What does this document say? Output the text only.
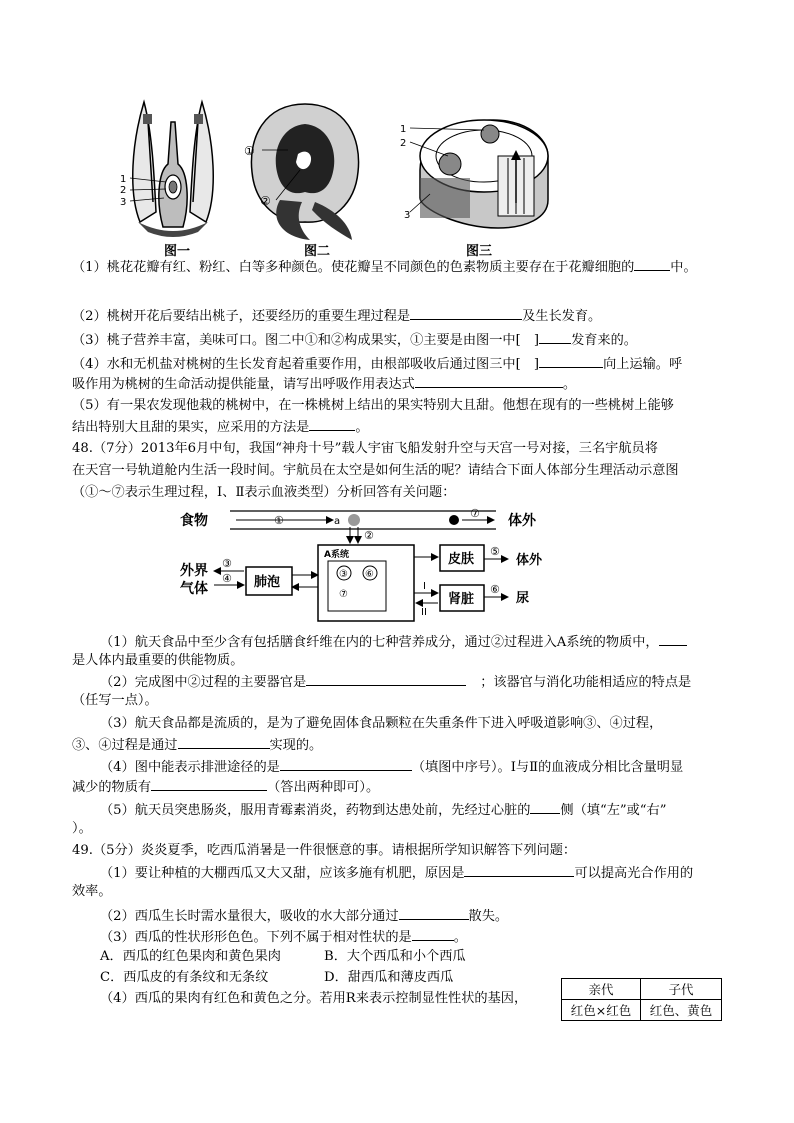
1
2
3
图一
①
②
图二
1
2
3
图三
（1）桃花花瓣有红、粉红、白等多种颜色。使花瓣呈不同颜色的色素物质主要存在于花瓣细胞的	中。
（2）桃树开花后要结出桃子，还要经历的重要生理过程是	及生长发育。
（3）桃子营养丰富，美味可口。图二中①和②构成果实，①主要是由图一中[　] 发育来的。
（4）水和无机盐对桃树的生长发育起着重要作用，由根部吸收后通过图三中[　]	向上运输。呼
吸作用为桃树的生命活动提供能量，请写出呼吸作用表达式	。
（5）有一果农发现他栽的桃树中，在一株桃树上结出的果实特别大且甜。他想在现有的一些桃树上能够
结出特别大且甜的果实，应采用的方法是	。
48.（7分）2013年6月中旬，我国“神舟十号”载人宇宙飞船发射升空与天宫一号对接，三名宇航员将
在天宫一号轨道舱内生活一段时间。宇航员在太空是如何生活的呢？请结合下面人体部分生理活动示意图
（①～⑦表示生理过程，Ⅰ、Ⅱ表示血液类型）分析回答有关问题：
食物	①	a
⑦ 体外
②
A系统
③ ⑥
⑦
外界
气体
③
④ 肺泡
皮肤
⑤
体外
I
II
肾脏
⑥
尿
（1）航天食品中至少含有包括膳食纤维在内的七种营养成分，通过②过程进入A系统的物质中，
是人体内最重要的供能物质。
（2）完成图中②过程的主要器官是	；该器官与消化功能相适应的特点是
（任写一点）。
（3）航天食品都是流质的，是为了避免固体食品颗粒在失重条件下进入呼吸道影响③、④过程，
③、④过程是通过	实现的。
（4）图中能表示排泄途径的是	（填图中序号）。Ⅰ与Ⅱ的血液成分相比含量明显
减少的物质有	（答出两种即可）。
（5）航天员突患肠炎，服用青霉素消炎，药物到达患处前，先经过心脏的 侧（填“左”或“右”
）。
49.（5分）炎炎夏季，吃西瓜消暑是一件很惬意的事。请根据所学知识解答下列问题：
（1）要让种植的大棚西瓜又大又甜，应该多施有机肥，原因是	可以提高光合作用的
效率。
（2）西瓜生长时需水量很大，吸收的水大部分通过	散失。
（3）西瓜的性状形形色色。下列不属于相对性状的是	。
A．西瓜的红色果肉和黄色果肉	B．大个西瓜和小个西瓜
C．西瓜皮的有条纹和无条纹	D．甜西瓜和薄皮西瓜
（4）西瓜的果肉有红色和黄色之分。若用R来表示控制显性性状的基因，
亲代	子代
红色×红色	红色、黄色
